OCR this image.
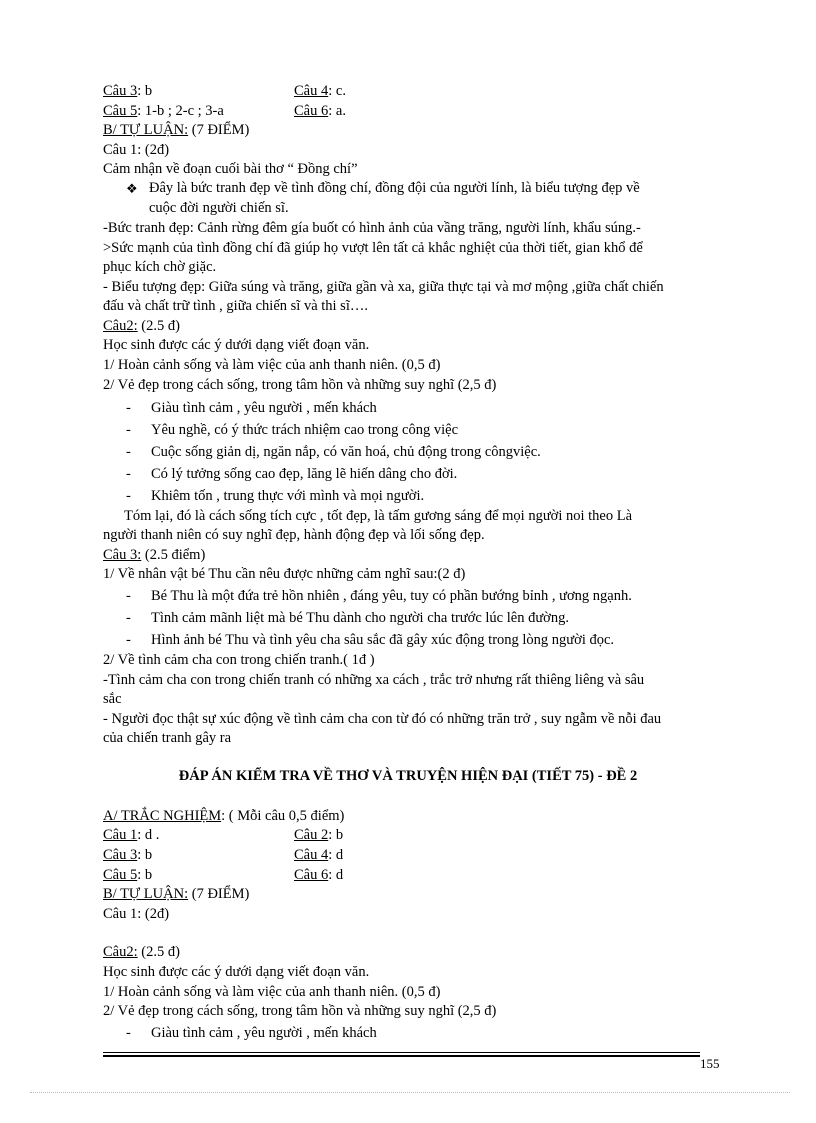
Câu 3: b	Câu 4: c.
Câu 5: 1-b ; 2-c ; 3-a	Câu 6: a.
B/ TỰ LUẬN: (7 ĐIỂM)
Câu 1: (2đ)
Cảm nhận về đoạn cuối bài thơ “ Đồng chí”
❖ Đây là bức tranh đẹp về tình đồng chí, đồng đội của người lính, là biểu tượng đẹp về
cuộc đời người chiến sĩ.
-Bức tranh đẹp: Cảnh rừng đêm gía buốt có hình ảnh của vầng trăng, người lính, khẩu súng.-
>Sức mạnh của tình đồng chí đã giúp họ vượt lên tất cả khắc nghiệt của thời tiết, gian khổ để
phục kích chờ giặc.
- Biểu tượng đẹp: Giữa súng và trăng, giữa gần và xa, giữa thực tại và mơ mộng ,giữa chất chiến
đấu và chất trữ tình , giữa chiến sĩ và thi sĩ….
Câu2: (2.5 đ)
Học sinh được các ý dưới dạng viết đoạn văn.
1/ Hoàn cảnh sống và làm việc của anh thanh niên. (0,5 đ)
2/ Vẻ đẹp trong cách sống, trong tâm hồn và những suy nghĩ (2,5 đ)
- Giàu tình cảm , yêu người , mến khách
- Yêu nghề, có ý thức trách nhiệm cao trong công việc
- Cuộc sống giản dị, ngăn nắp, có văn hoá, chủ động trong côngviệc.
- Có lý tưởng sống cao đẹp, lăng lẽ hiến dâng cho đời.
- Khiêm tốn , trung thực với mình và mọi người.
Tóm lại, đó là cách sống tích cực , tốt đẹp, là tấm gương sáng để mọi người noi theo Là
người thanh niên có suy nghĩ đẹp, hành động đẹp và lối sống đẹp.
Câu 3: (2.5 điểm)
1/ Về nhân vật bé Thu cần nêu được những cảm nghĩ sau:(2 đ)
- Bé Thu là một đứa trẻ hồn nhiên , đáng yêu, tuy có phần bướng bỉnh , ương ngạnh.
- Tình cảm mãnh liệt mà bé Thu dành cho người cha trước lúc lên đường.
- Hình ảnh bé Thu và tình yêu cha sâu sắc đã gây xúc động trong lòng người đọc.
2/ Về tình cảm cha con trong chiến tranh.( 1đ )
-Tình cảm cha con trong chiến tranh có những xa cách , trắc trở nhưng rất thiêng liêng và sâu
sắc
- Người đọc thật sự xúc động về tình cảm cha con từ đó có những trăn trở , suy ngẫm về nỗi đau
của chiến tranh gây ra
ĐÁP ÁN KIỂM TRA VỀ THƠ VÀ TRUYỆN HIỆN ĐẠI (TIẾT 75) - ĐỀ 2
A/ TRẮC NGHIỆM: ( Mỗi câu 0,5 điểm)
Câu 1: d .	Câu 2: b
Câu 3: b	Câu 4: d
Câu 5: b	Câu 6: d
B/ TỰ LUẬN: (7 ĐIỂM)
Câu 1: (2đ)
Câu2: (2.5 đ)
Học sinh được các ý dưới dạng viết đoạn văn.
1/ Hoàn cảnh sống và làm việc của anh thanh niên. (0,5 đ)
2/ Vẻ đẹp trong cách sống, trong tâm hồn và những suy nghĩ (2,5 đ)
- Giàu tình cảm , yêu người , mến khách
155
